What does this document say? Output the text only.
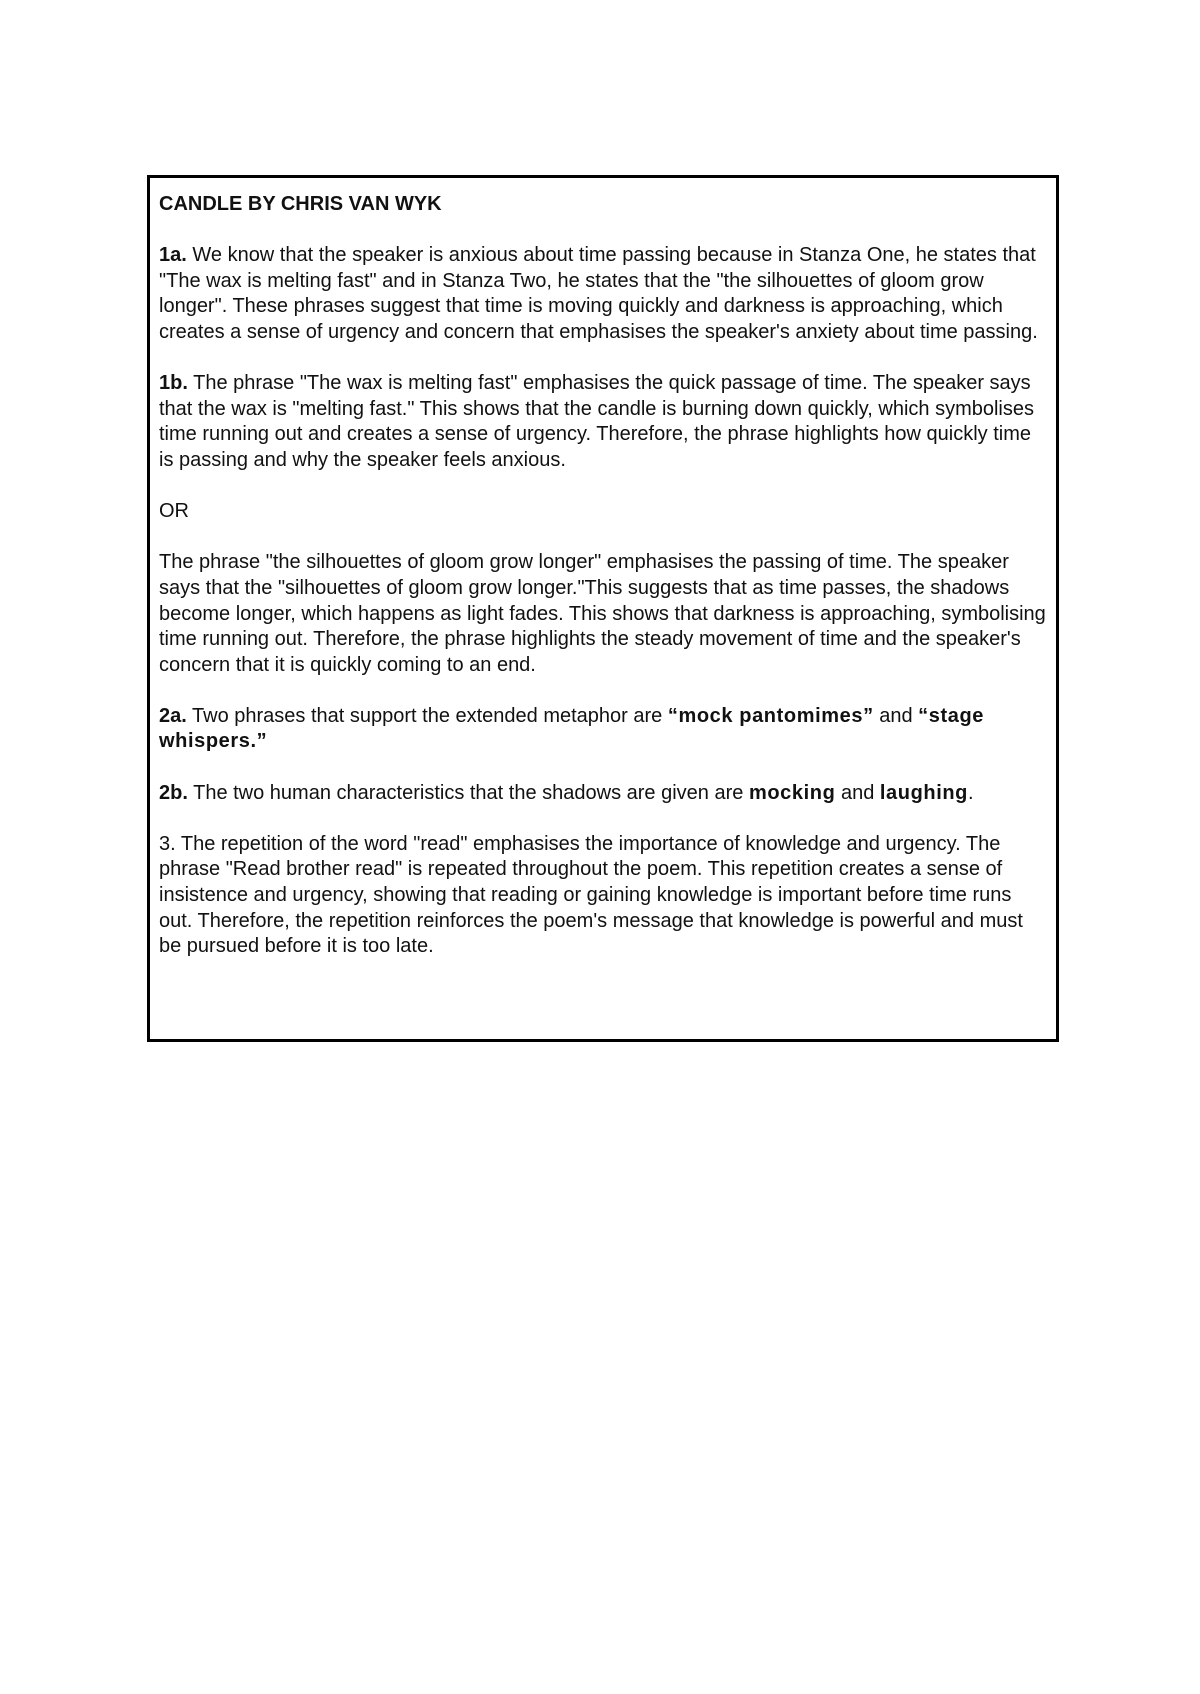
CANDLE BY CHRIS VAN WYK

1a. We know that the speaker is anxious about time passing because in Stanza One, he states that "The wax is melting fast" and in Stanza Two, he states that the "the silhouettes of gloom grow longer". These phrases suggest that time is moving quickly and darkness is approaching, which creates a sense of urgency and concern that emphasises the speaker's anxiety about time passing.

1b. The phrase "The wax is melting fast" emphasises the quick passage of time. The speaker says that the wax is "melting fast." This shows that the candle is burning down quickly, which symbolises time running out and creates a sense of urgency. Therefore, the phrase highlights how quickly time is passing and why the speaker feels anxious.

OR

The phrase "the silhouettes of gloom grow longer" emphasises the passing of time. The speaker says that the "silhouettes of gloom grow longer."This suggests that as time passes, the shadows become longer, which happens as light fades. This shows that darkness is approaching, symbolising time running out. Therefore, the phrase highlights the steady movement of time and the speaker's concern that it is quickly coming to an end.

2a. Two phrases that support the extended metaphor are “mock pantomimes” and “stage whispers.”

2b. The two human characteristics that the shadows are given are mocking and laughing.

3. The repetition of the word "read" emphasises the importance of knowledge and urgency. The phrase "Read brother read" is repeated throughout the poem. This repetition creates a sense of insistence and urgency, showing that reading or gaining knowledge is important before time runs out. Therefore, the repetition reinforces the poem's message that knowledge is powerful and must be pursued before it is too late.
